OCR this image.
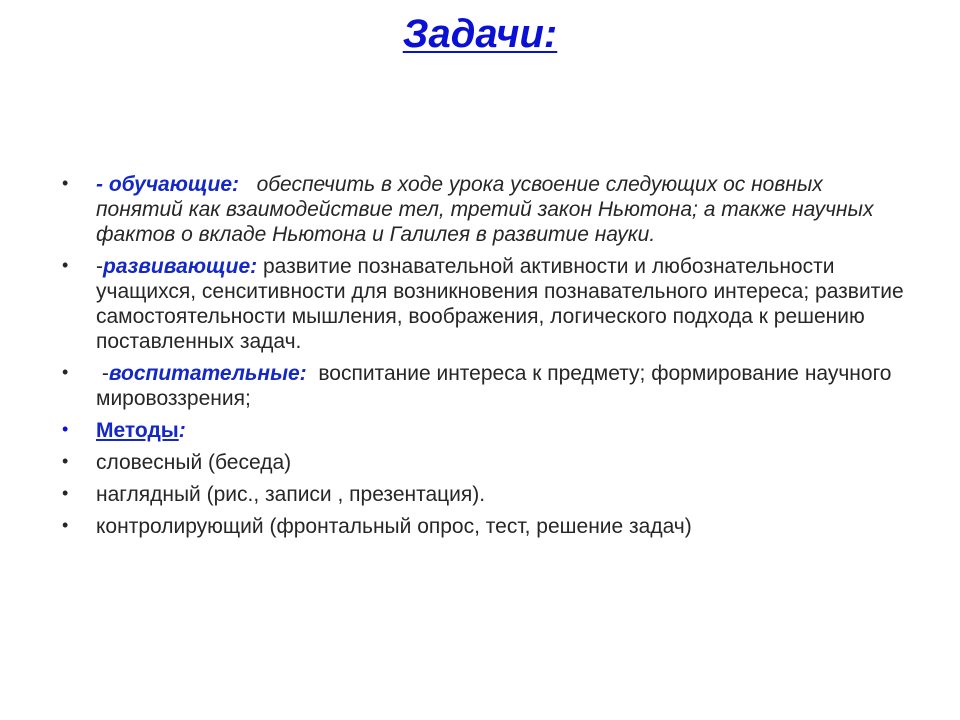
Задачи:
• - обучающие: обеспечить в ходе урока усвоение следующих ос новных понятий как взаимодействие тел, третий закон Ньютона; а также научных фактов о вкладе Ньютона и Галилея в развитие науки.
• -развивающие: развитие познавательной активности и любознательности учащихся, сенситивности для возникновения познавательного интереса; развитие самостоятельности мышления, воображения, логического подхода к решению поставленных задач.
• -воспитательные: воспитание интереса к предмету; формирование научного мировоззрения;
• Методы:
• словесный (беседа)
• наглядный (рис., записи , презентация).
• контролирующий (фронтальный опрос, тест, решение задач)
